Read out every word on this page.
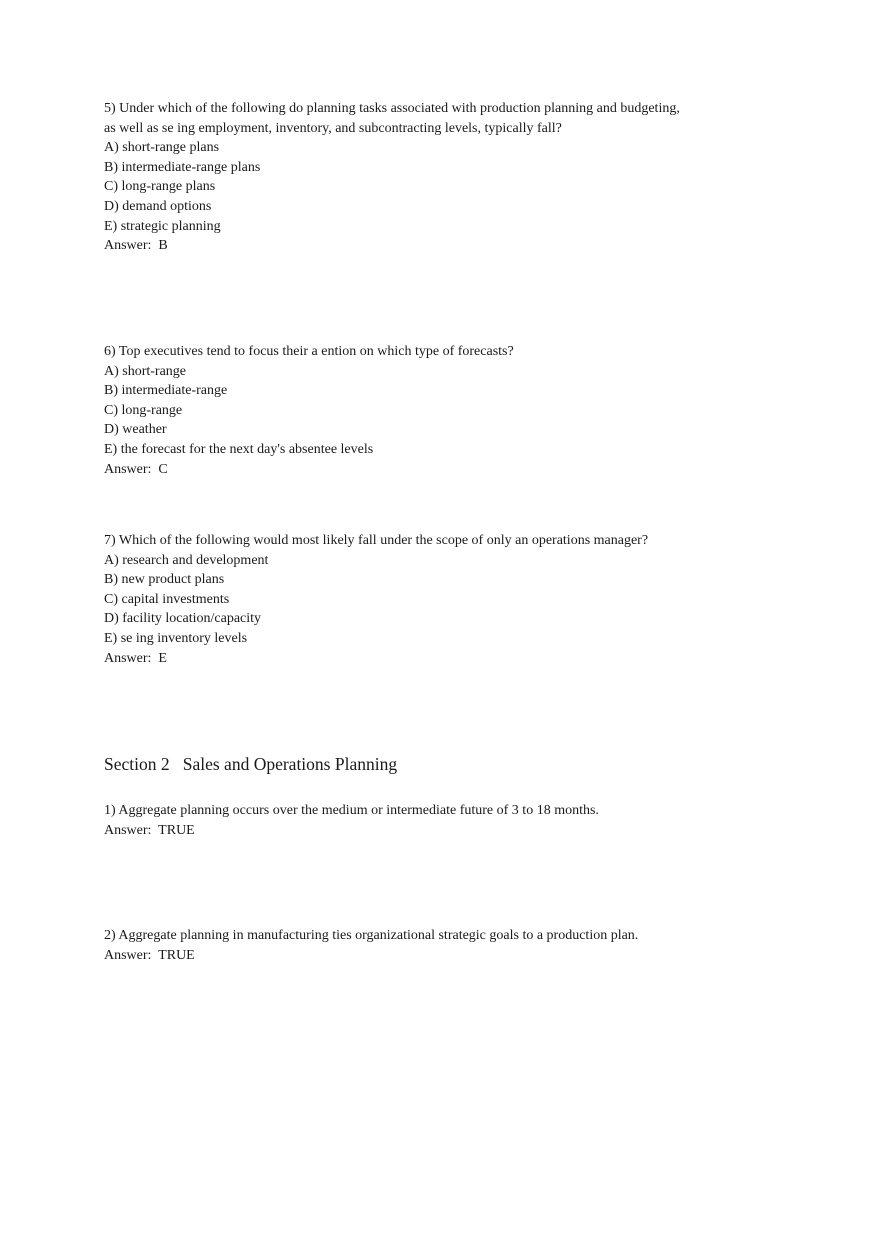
5) Under which of the following do planning tasks associated with production planning and budgeting,

as well as se ing employment, inventory, and subcontracting levels, typically fall?

A) short-range plans

B) intermediate-range plans

C) long-range plans

D) demand options

E) strategic planning

Answer:  B

6) Top executives tend to focus their a ention on which type of forecasts?

A) short-range

B) intermediate-range

C) long-range

D) weather

E) the forecast for the next day's absentee levels

Answer:  C

7) Which of the following would most likely fall under the scope of only an operations manager?

A) research and development

B) new product plans

C) capital investments

D) facility location/capacity

E) se ing inventory levels

Answer:  E

Section 2   Sales and Operations Planning

1) Aggregate planning occurs over the medium or intermediate future of 3 to 18 months.

Answer:  TRUE

2) Aggregate planning in manufacturing ties organizational strategic goals to a production plan.

Answer:  TRUE
